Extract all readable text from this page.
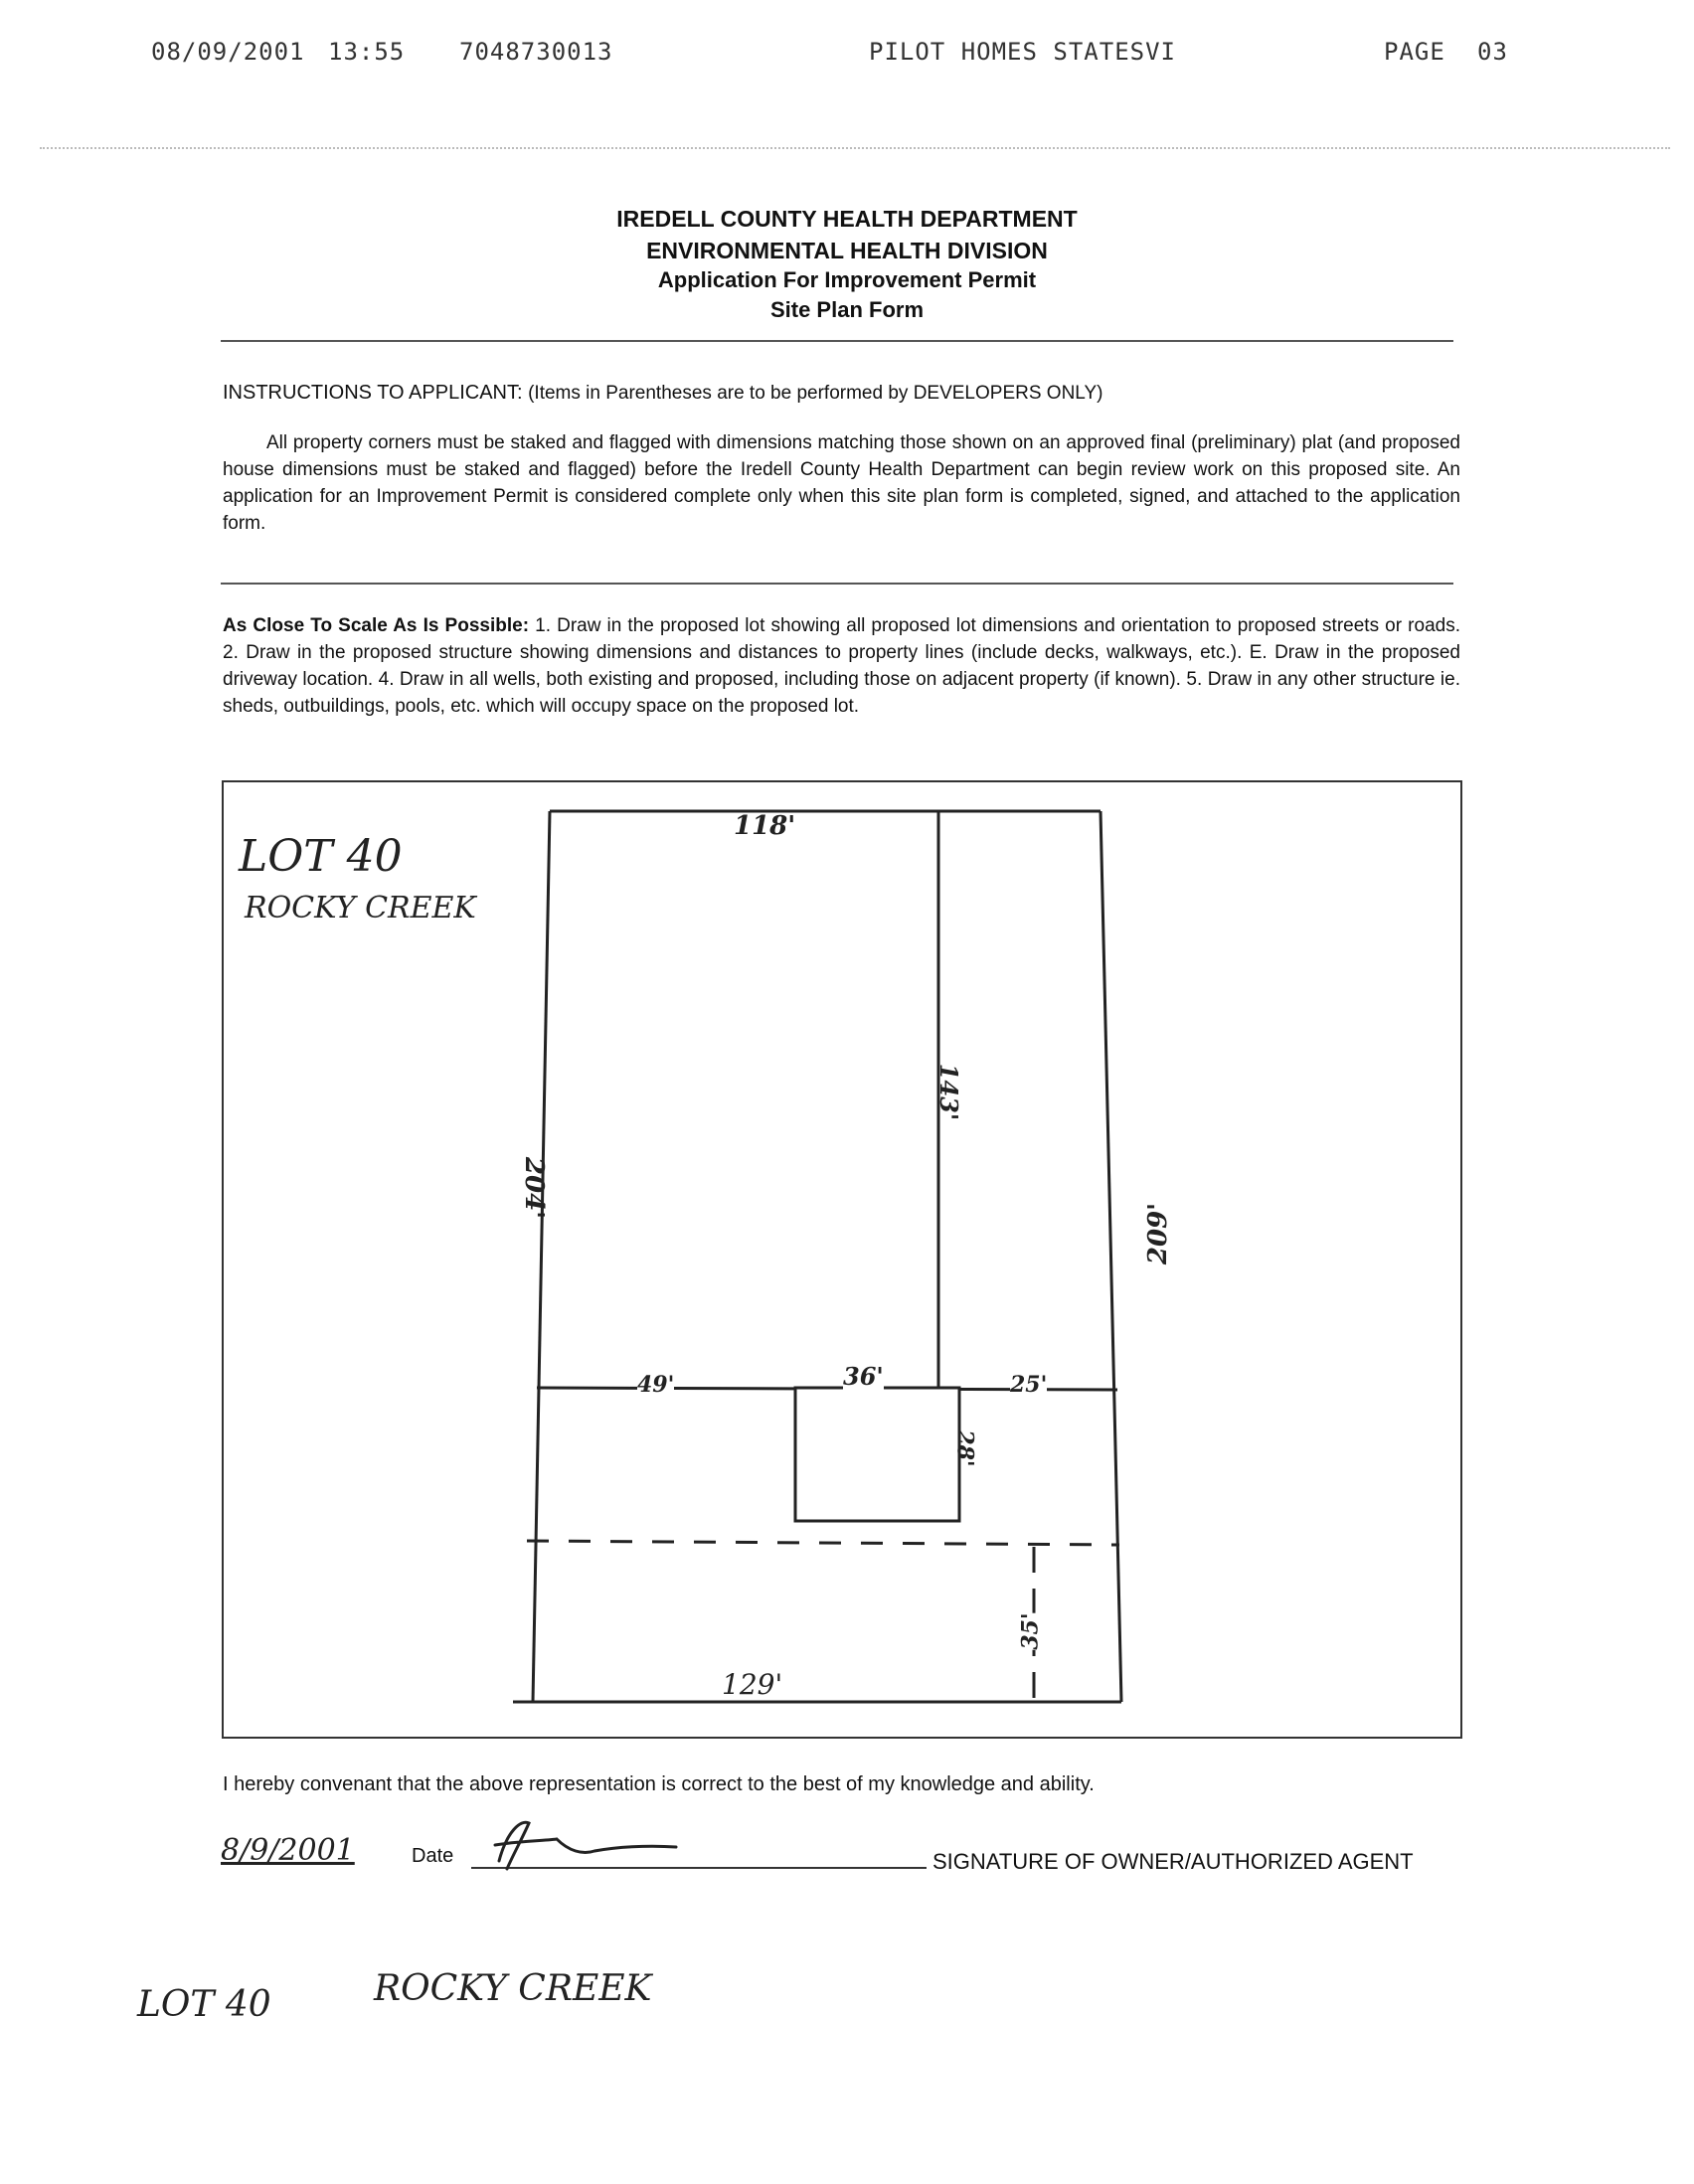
08/09/2001 13:55 7048730013	PILOT HOMES STATESVI	PAGE 03
IREDELL COUNTY HEALTH DEPARTMENT
ENVIRONMENTAL HEALTH DIVISION
Application For Improvement Permit
Site Plan Form
INSTRUCTIONS TO APPLICANT: (Items in Parentheses are to be performed by DEVELOPERS ONLY)
All property corners must be staked and flagged with dimensions matching those shown on an approved final (preliminary) plat (and proposed house dimensions must be staked and flagged) before the Iredell County Health Department can begin review work on this proposed site. An application for an Improvement Permit is considered complete only when this site plan form is completed, signed, and attached to the application form.
As Close To Scale As Is Possible: 1. Draw in the proposed lot showing all proposed lot dimensions and orientation to proposed streets or roads. 2. Draw in the proposed structure showing dimensions and distances to property lines (include decks, walkways, etc.). E. Draw in the proposed driveway location. 4. Draw in all wells, both existing and proposed, including those on adjacent property (if known). 5. Draw in any other structure ie. sheds, outbuildings, pools, etc. which will occupy space on the proposed lot.
LOT 40
ROCKY CREEK
118'
204'
209'
143'
49'	36'	25'
28'
35'
129'
I hereby convenant that the above representation is correct to the best of my knowledge and ability.
8/9/2001	Date	SIGNATURE OF OWNER/AUTHORIZED AGENT
LOT 40	ROCKY CREEK
